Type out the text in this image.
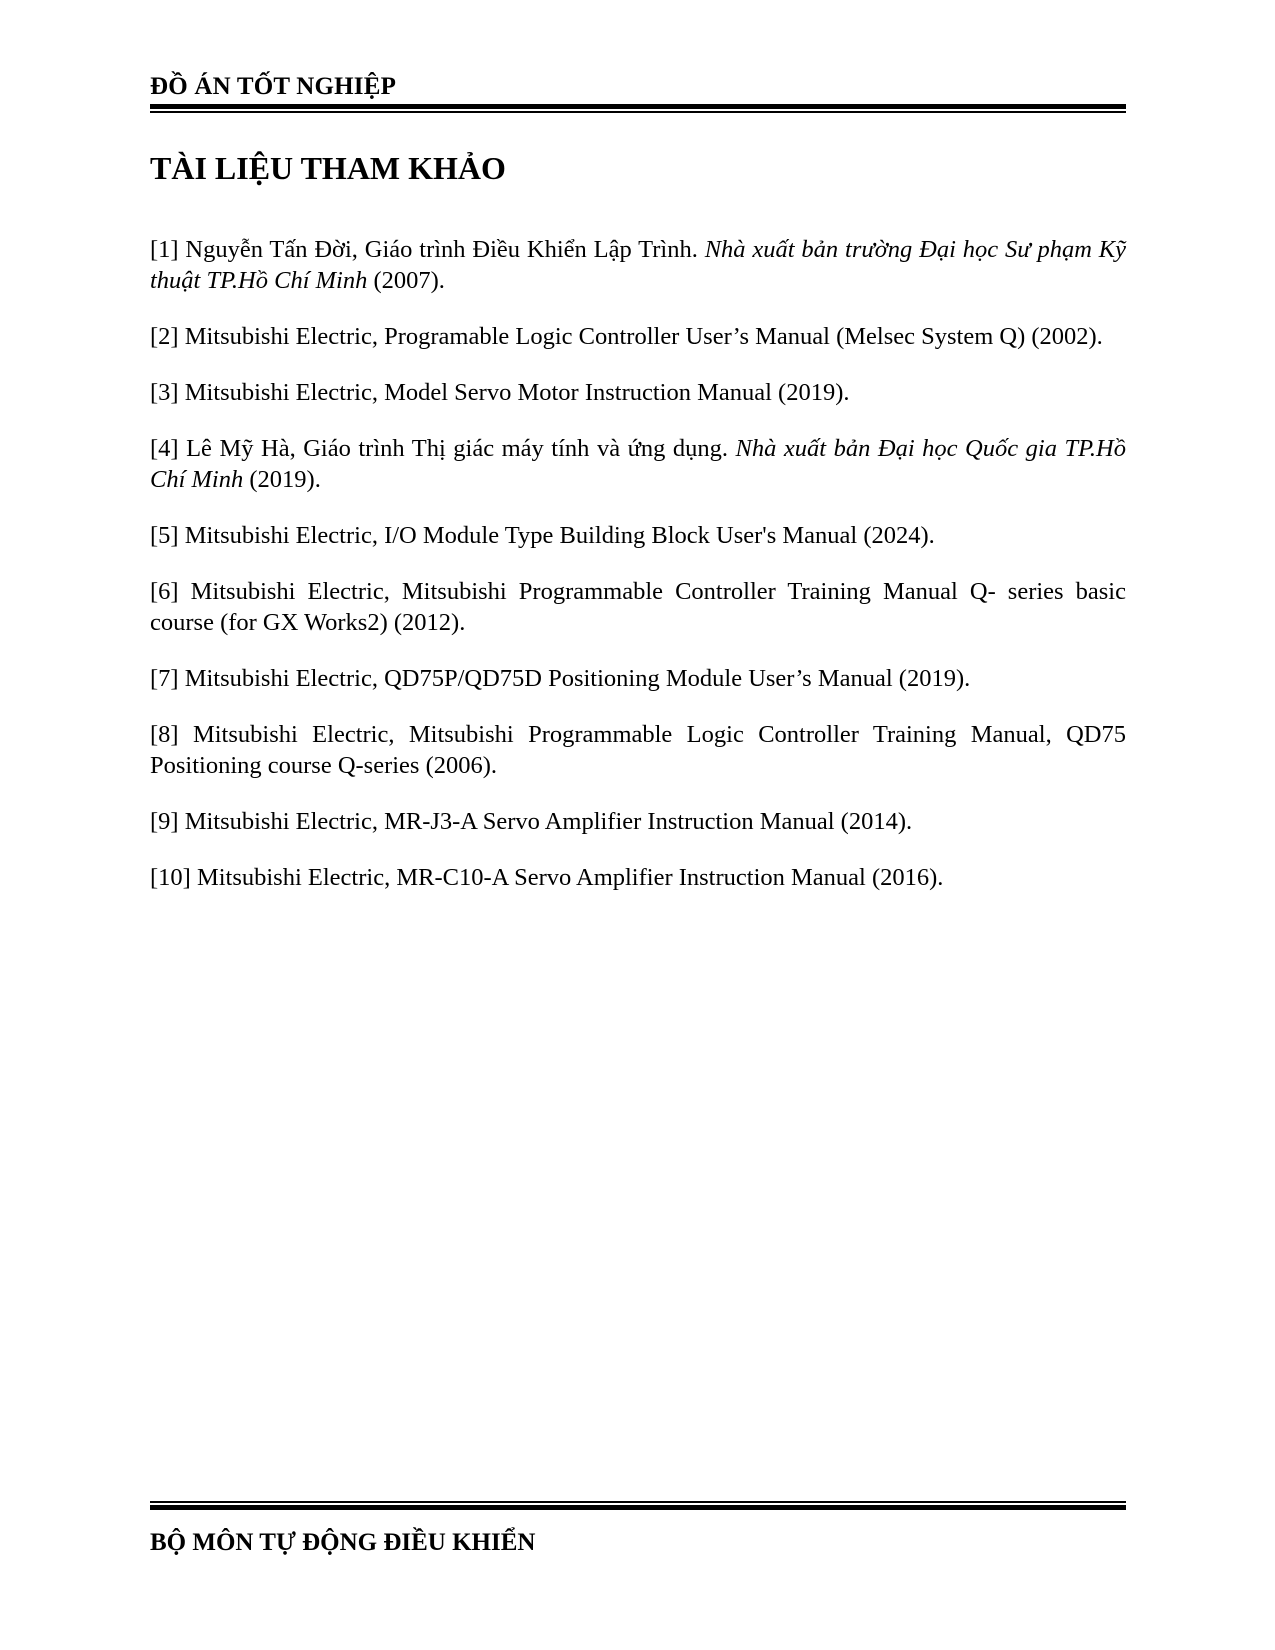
ĐỒ ÁN TỐT NGHIỆP
TÀI LIỆU THAM KHẢO

[1] Nguyễn Tấn Đời, Giáo trình Điều Khiển Lập Trình. Nhà xuất bản trường Đại học Sư phạm Kỹ thuật TP.Hồ Chí Minh (2007).

[2] Mitsubishi Electric, Programable Logic Controller User’s Manual (Melsec System Q) (2002).

[3] Mitsubishi Electric, Model Servo Motor Instruction Manual (2019).

[4] Lê Mỹ Hà, Giáo trình Thị giác máy tính và ứng dụng. Nhà xuất bản Đại học Quốc gia TP.Hồ Chí Minh (2019).

[5] Mitsubishi Electric, I/O Module Type Building Block User's Manual (2024).

[6] Mitsubishi Electric, Mitsubishi Programmable Controller Training Manual Q- series basic course (for GX Works2) (2012).

[7] Mitsubishi Electric, QD75P/QD75D Positioning Module User’s Manual (2019).

[8] Mitsubishi Electric, Mitsubishi Programmable Logic Controller Training Manual, QD75 Positioning course Q-series (2006).

[9] Mitsubishi Electric, MR-J3-A Servo Amplifier Instruction Manual (2014).

[10] Mitsubishi Electric, MR-C10-A Servo Amplifier Instruction Manual (2016).

BỘ MÔN TỰ ĐỘNG ĐIỀU KHIỂN
